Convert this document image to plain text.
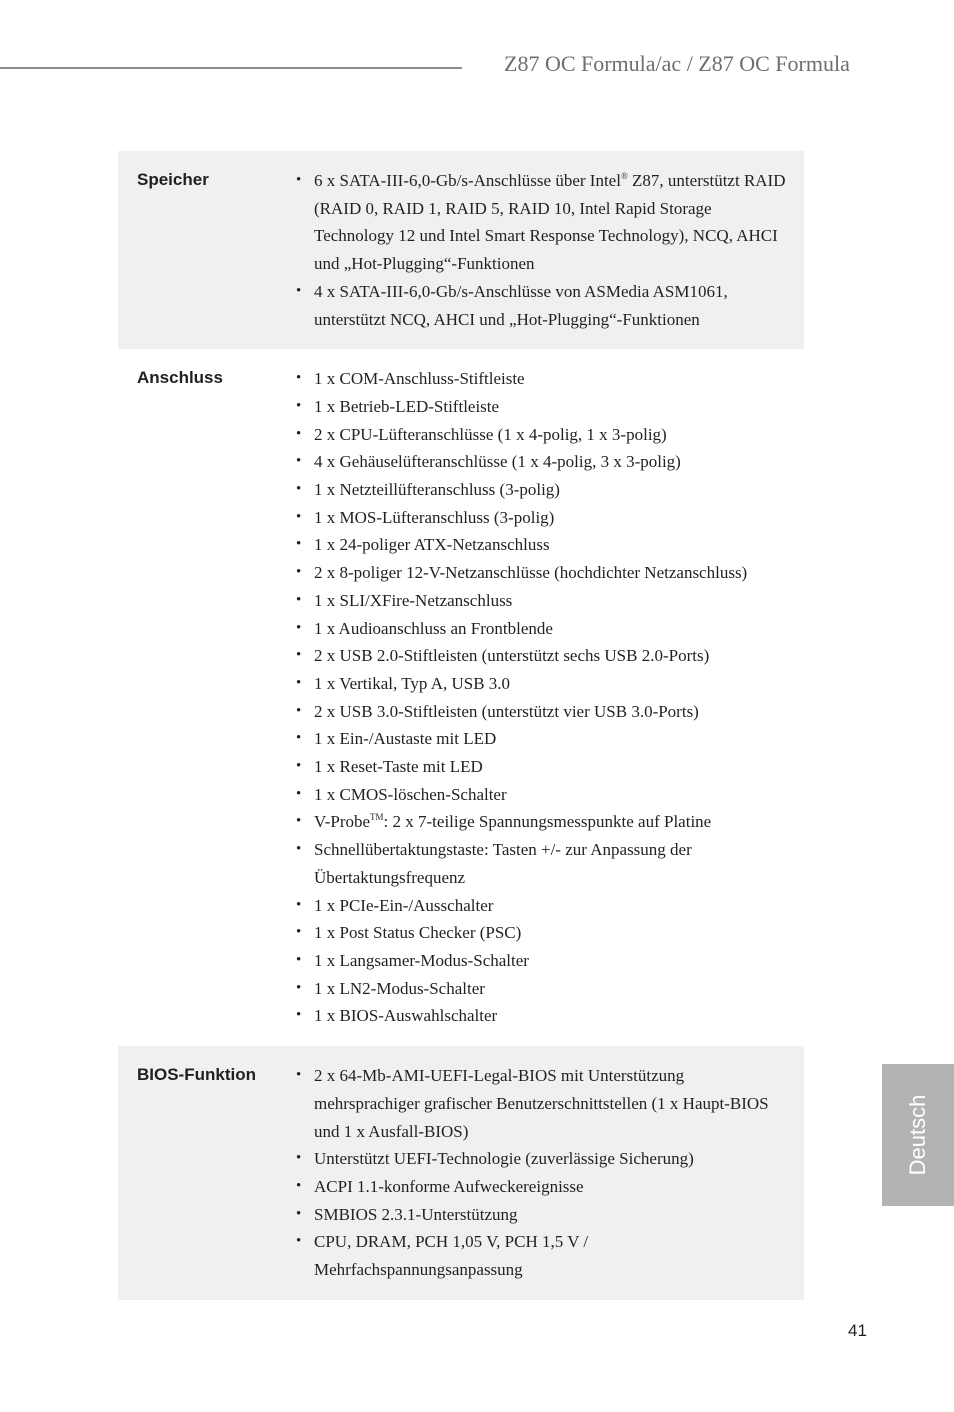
Z87 OC Formula/ac / Z87 OC Formula
Speicher	• 6 x SATA-III-6,0-Gb/s-Anschlüsse über Intel® Z87, unterstützt RAID (RAID 0, RAID 1, RAID 5, RAID 10, Intel Rapid Storage Technology 12 und Intel Smart Response Technology), NCQ, AHCI und „Hot-Plugging“-Funktionen
• 4 x SATA-III-6,0-Gb/s-Anschlüsse von ASMedia ASM1061, unterstützt NCQ, AHCI und „Hot-Plugging“-Funktionen
Anschluss	• 1 x COM-Anschluss-Stiftleiste
• 1 x Betrieb-LED-Stiftleiste
• 2 x CPU-Lüfteranschlüsse (1 x 4-polig, 1 x 3-polig)
• 4 x Gehäuselüfteranschlüsse (1 x 4-polig, 3 x 3-polig)
• 1 x Netzteillüfteranschluss (3-polig)
• 1 x MOS-Lüfteranschluss (3-polig)
• 1 x 24-poliger ATX-Netzanschluss
• 2 x 8-poliger 12-V-Netzanschlüsse (hochdichter Netzanschluss)
• 1 x SLI/XFire-Netzanschluss
• 1 x Audioanschluss an Frontblende
• 2 x USB 2.0-Stiftleisten (unterstützt sechs USB 2.0-Ports)
• 1 x Vertikal, Typ A, USB 3.0
• 2 x USB 3.0-Stiftleisten (unterstützt vier USB 3.0-Ports)
• 1 x Ein-/Austaste mit LED
• 1 x Reset-Taste mit LED
• 1 x CMOS-löschen-Schalter
• V-Probe™: 2 x 7-teilige Spannungsmesspunkte auf Platine
• Schnellübertaktungstaste: Tasten +/- zur Anpassung der Übertaktungsfrequenz
• 1 x PCIe-Ein-/Ausschalter
• 1 x Post Status Checker (PSC)
• 1 x Langsamer-Modus-Schalter
• 1 x LN2-Modus-Schalter
• 1 x BIOS-Auswahlschalter
BIOS-Funktion	• 2 x 64-Mb-AMI-UEFI-Legal-BIOS mit Unterstützung mehrsprachiger grafischer Benutzerschnittstellen (1 x Haupt-BIOS und 1 x Ausfall-BIOS)
• Unterstützt UEFI-Technologie (zuverlässige Sicherung)
• ACPI 1.1-konforme Aufweckereignisse
• SMBIOS 2.3.1-Unterstützung
• CPU, DRAM, PCH 1,05 V, PCH 1,5 V / Mehrfachspannungsanpassung
Deutsch
41
